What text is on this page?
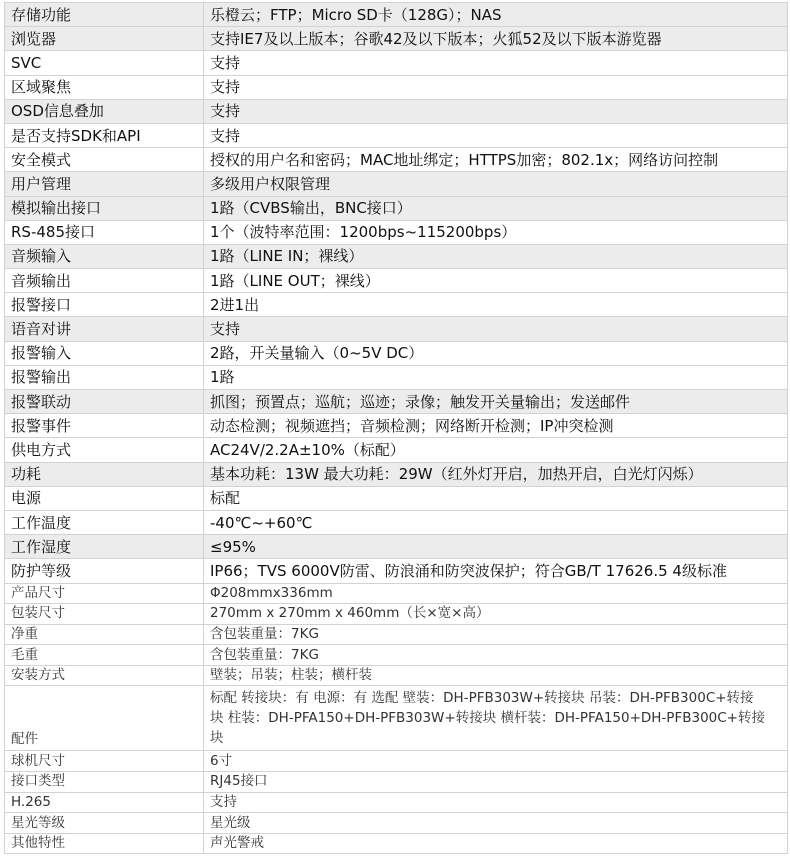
存储功能	乐橙云；FTP；Micro SD卡（128G）；NAS
浏览器	支持IE7及以上版本；谷歌42及以下版本；火狐52及以下版本游览器
SVC	支持
区域聚焦	支持
OSD信息叠加	支持
是否支持SDK和API	支持
安全模式	授权的用户名和密码；MAC地址绑定；HTTPS加密；802.1x；网络访问控制
用户管理	多级用户权限管理
模拟输出接口	1路（CVBS输出，BNC接口）
RS-485接口	1个（波特率范围：1200bps~115200bps）
音频输入	1路（LINE IN；裸线）
音频输出	1路（LINE OUT；裸线）
报警接口	2进1出
语音对讲	支持
报警输入	2路，开关量输入（0~5V DC）
报警输出	1路
报警联动	抓图；预置点；巡航；巡迹；录像；触发开关量输出；发送邮件
报警事件	动态检测；视频遮挡；音频检测；网络断开检测；IP冲突检测
供电方式	AC24V/2.2A±10%（标配）
功耗	基本功耗：13W 最大功耗：29W（红外灯开启，加热开启，白光灯闪烁）
电源	标配
工作温度	-40℃~+60℃
工作湿度	≤95%
防护等级	IP66；TVS 6000V防雷、防浪涌和防突波保护；符合GB/T 17626.5 4级标准
产品尺寸	Φ208mmx336mm
包装尺寸	270mm x 270mm x 460mm（长×宽×高）
净重	含包装重量：7KG
毛重	含包装重量：7KG
安装方式	壁装；吊装；柱装；横杆装
配件	标配 转接块：有 电源：有 选配 壁装：DH-PFB303W+转接块 吊装：DH-PFB300C+转接块 柱装：DH-PFA150+DH-PFB303W+转接块 横杆装：DH-PFA150+DH-PFB300C+转接块
球机尺寸	6寸
接口类型	RJ45接口
H.265	支持
星光等级	星光级
其他特性	声光警戒
